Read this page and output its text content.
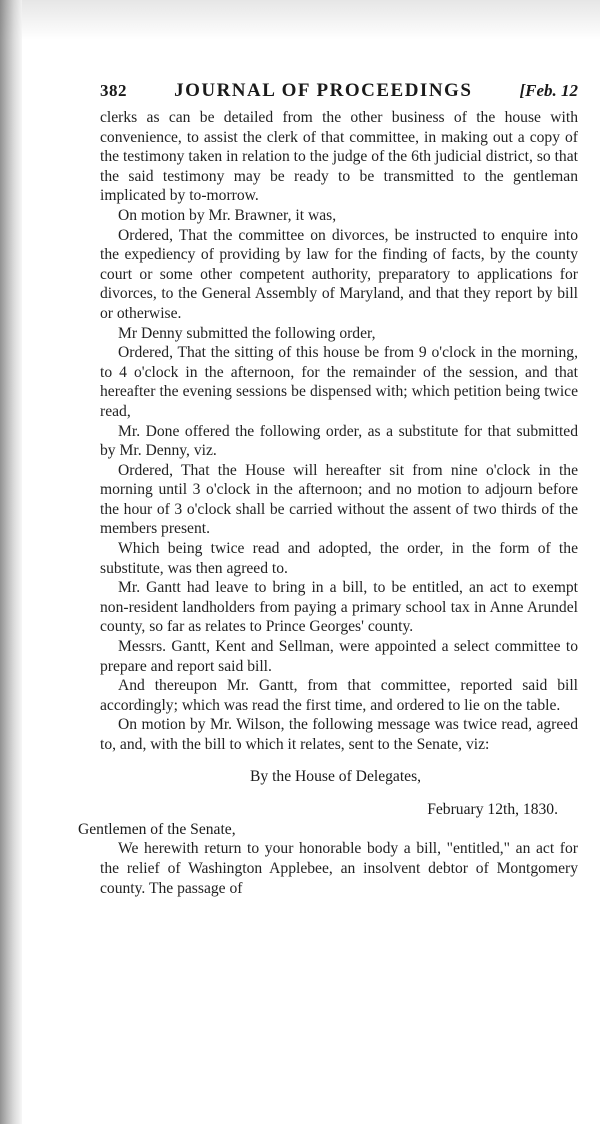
382 JOURNAL OF PROCEEDINGS	[Feb. 12

clerks as can be detailed from the other business of the house with convenience, to assist the clerk of that committee, in making out a copy of the testimony taken in relation to the judge of the 6th judicial district, so that the said testimony may be ready to be transmitted to the gentleman implicated by to-morrow.

On motion by Mr. Brawner, it was,

Ordered, That the committee on divorces, be instructed to enquire into the expediency of providing by law for the finding of facts, by the county court or some other competent authority, preparatory to applications for divorces, to the General Assembly of Maryland, and that they report by bill or otherwise.

Mr Denny submitted the following order,

Ordered, That the sitting of this house be from 9 o'clock in the morning, to 4 o'clock in the afternoon, for the remainder of the session, and that hereafter the evening sessions be dispensed with; which petition being twice read,

Mr. Done offered the following order, as a substitute for that submitted by Mr. Denny, viz.

Ordered, That the House will hereafter sit from nine o'clock in the morning until 3 o'clock in the afternoon; and no motion to adjourn before the hour of 3 o'clock shall be carried without the assent of two thirds of the members present.

Which being twice read and adopted, the order, in the form of the substitute, was then agreed to.

Mr. Gantt had leave to bring in a bill, to be entitled, an act to exempt non-resident landholders from paying a primary school tax in Anne Arundel county, so far as relates to Prince Georges' county.

Messrs. Gantt, Kent and Sellman, were appointed a select committee to prepare and report said bill.

And thereupon Mr. Gantt, from that committee, reported said bill accordingly; which was read the first time, and ordered to lie on the table.

On motion by Mr. Wilson, the following message was twice read, agreed to, and, with the bill to which it relates, sent to the Senate, viz:

By the House of Delegates,
February 12th, 1830.
Gentlemen of the Senate,

We herewith return to your honorable body a bill, "entitled," an act for the relief of Washington Applebee, an insolvent debtor of Montgomery county. The passage of
